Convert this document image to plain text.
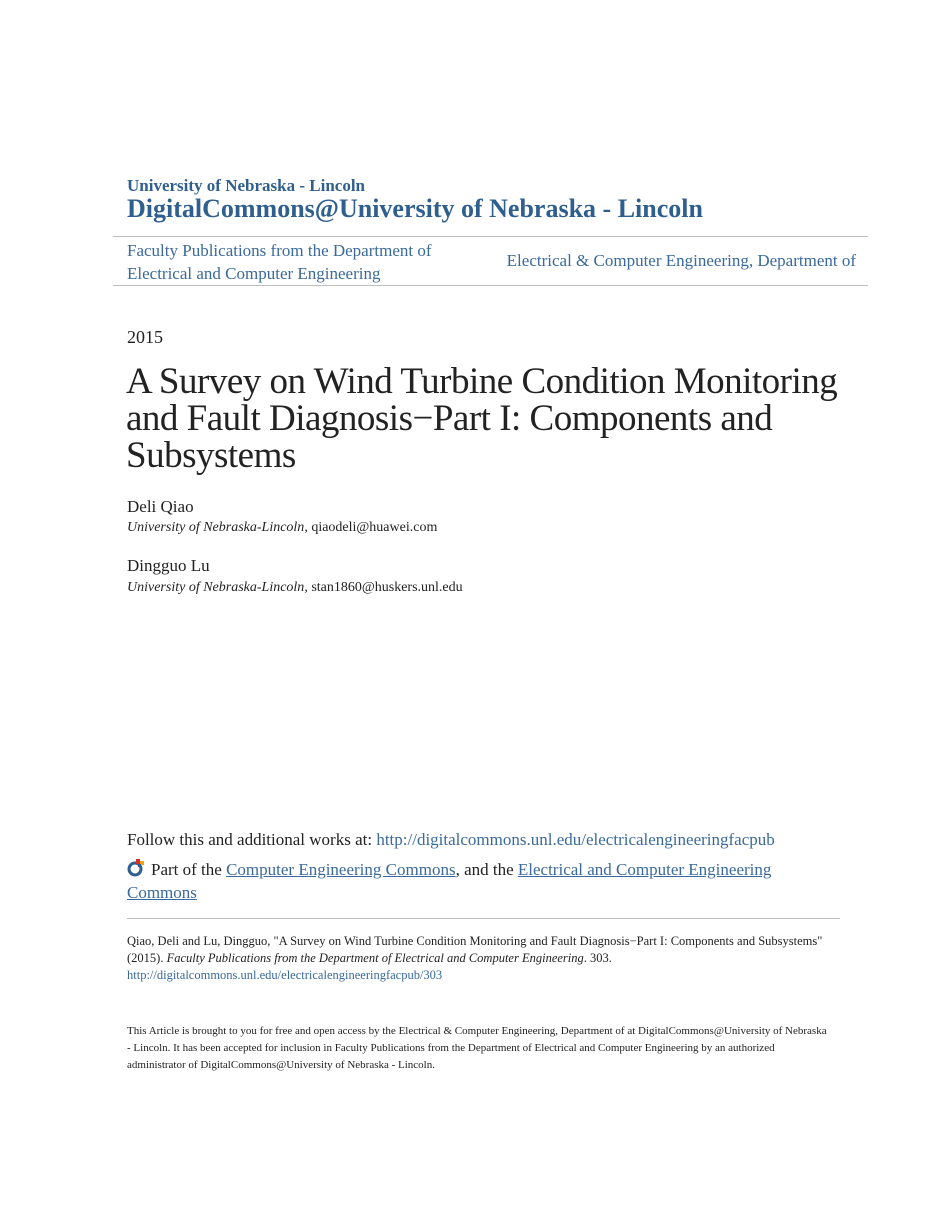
University of Nebraska - Lincoln
DigitalCommons@University of Nebraska - Lincoln
Faculty Publications from the Department of Electrical and Computer Engineering
Electrical & Computer Engineering, Department of
2015
A Survey on Wind Turbine Condition Monitoring and Fault Diagnosis−Part I: Components and Subsystems
Deli Qiao
University of Nebraska-Lincoln, qiaodeli@huawei.com
Dingguo Lu
University of Nebraska-Lincoln, stan1860@huskers.unl.edu
Follow this and additional works at: http://digitalcommons.unl.edu/electricalengineeringfacpub
Part of the Computer Engineering Commons, and the Electrical and Computer Engineering Commons
Qiao, Deli and Lu, Dingguo, "A Survey on Wind Turbine Condition Monitoring and Fault Diagnosis−Part I: Components and Subsystems" (2015). Faculty Publications from the Department of Electrical and Computer Engineering. 303.
http://digitalcommons.unl.edu/electricalengineeringfacpub/303
This Article is brought to you for free and open access by the Electrical & Computer Engineering, Department of at DigitalCommons@University of Nebraska - Lincoln. It has been accepted for inclusion in Faculty Publications from the Department of Electrical and Computer Engineering by an authorized administrator of DigitalCommons@University of Nebraska - Lincoln.
